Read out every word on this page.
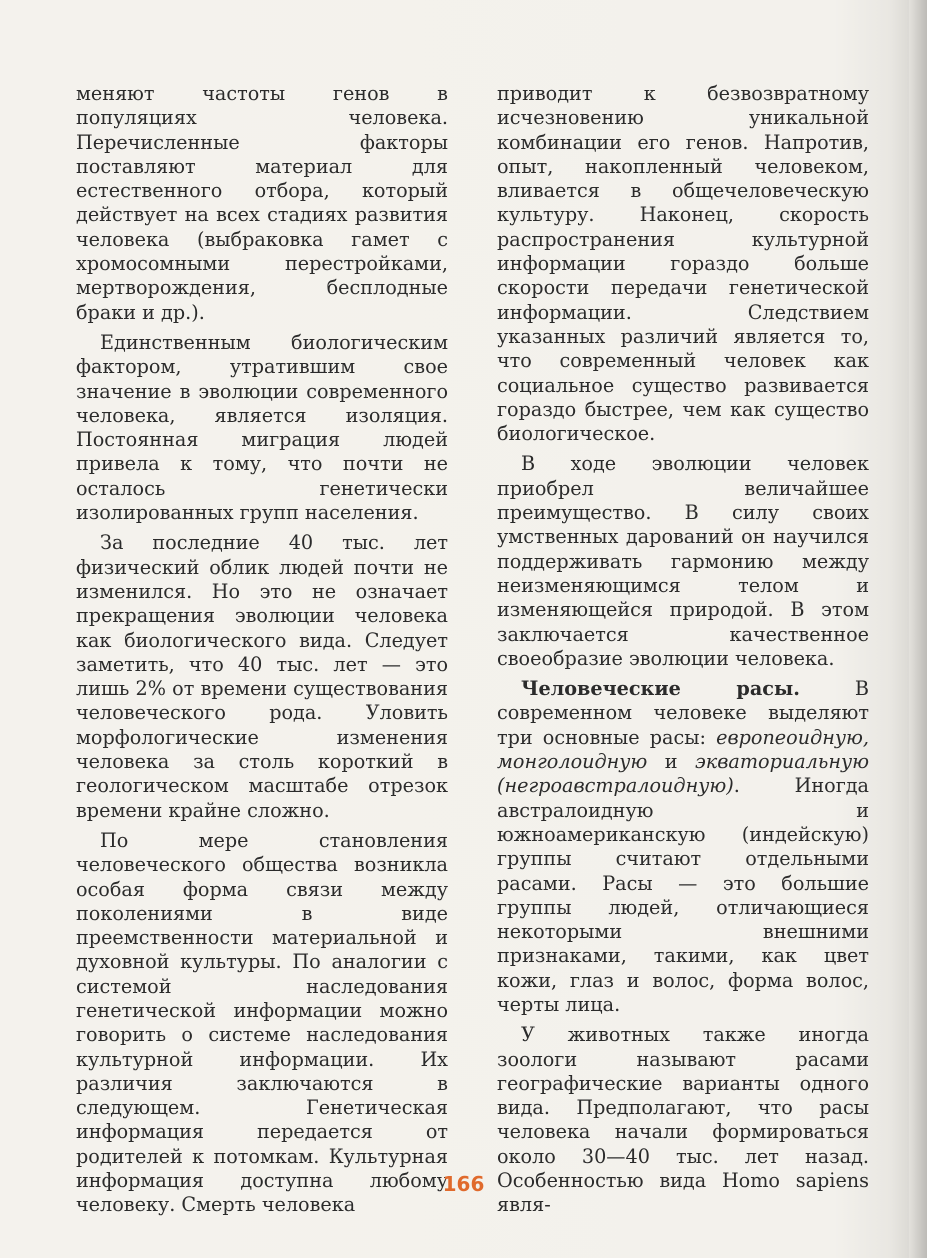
меняют частоты генов в популяциях человека. Перечисленные факторы поставляют материал для естественного отбора, который действует на всех стадиях развития человека (выбраковка гамет с хромосомными перестройками, мертворождения, бесплодные браки и др.).

Единственным биологическим фактором, утратившим свое значение в эволюции современного человека, является изоляция. Постоянная миграция людей привела к тому, что почти не осталось генетически изолированных групп населения.

За последние 40 тыс. лет физический облик людей почти не изменился. Но это не означает прекращения эволюции человека как биологического вида. Следует заметить, что 40 тыс. лет — это лишь 2% от времени существования человеческого рода. Уловить морфологические изменения человека за столь короткий в геологическом масштабе отрезок времени крайне сложно.

По мере становления человеческого общества возникла особая форма связи между поколениями в виде преемственности материальной и духовной культуры. По аналогии с системой наследования генетической информации можно говорить о системе наследования культурной информации. Их различия заключаются в следующем. Генетическая информация передается от родителей к потомкам. Культурная информация доступна любому человеку. Смерть человека

приводит к безвозвратному исчезновению уникальной комбинации его генов. Напротив, опыт, накопленный человеком, вливается в общечеловеческую культуру. Наконец, скорость распространения культурной информации гораздо больше скорости передачи генетической информации. Следствием указанных различий является то, что современный человек как социальное существо развивается гораздо быстрее, чем как существо биологическое.

В ходе эволюции человек приобрел величайшее преимущество. В силу своих умственных дарований он научился поддерживать гармонию между неизменяющимся телом и изменяющейся природой. В этом заключается качественное своеобразие эволюции человека.

Человеческие расы. В современном человеке выделяют три основные расы: европеоидную, монголоидную и экваториальную (негроавстралоидную). Иногда австралоидную и южноамериканскую (индейскую) группы считают отдельными расами. Расы — это большие группы людей, отличающиеся некоторыми внешними признаками, такими, как цвет кожи, глаз и волос, форма волос, черты лица.

У животных также иногда зоологи называют расами географические варианты одного вида. Предполагают, что расы человека начали формироваться около 30—40 тыс. лет назад. Особенностью вида Homo sapiens явля-

166
